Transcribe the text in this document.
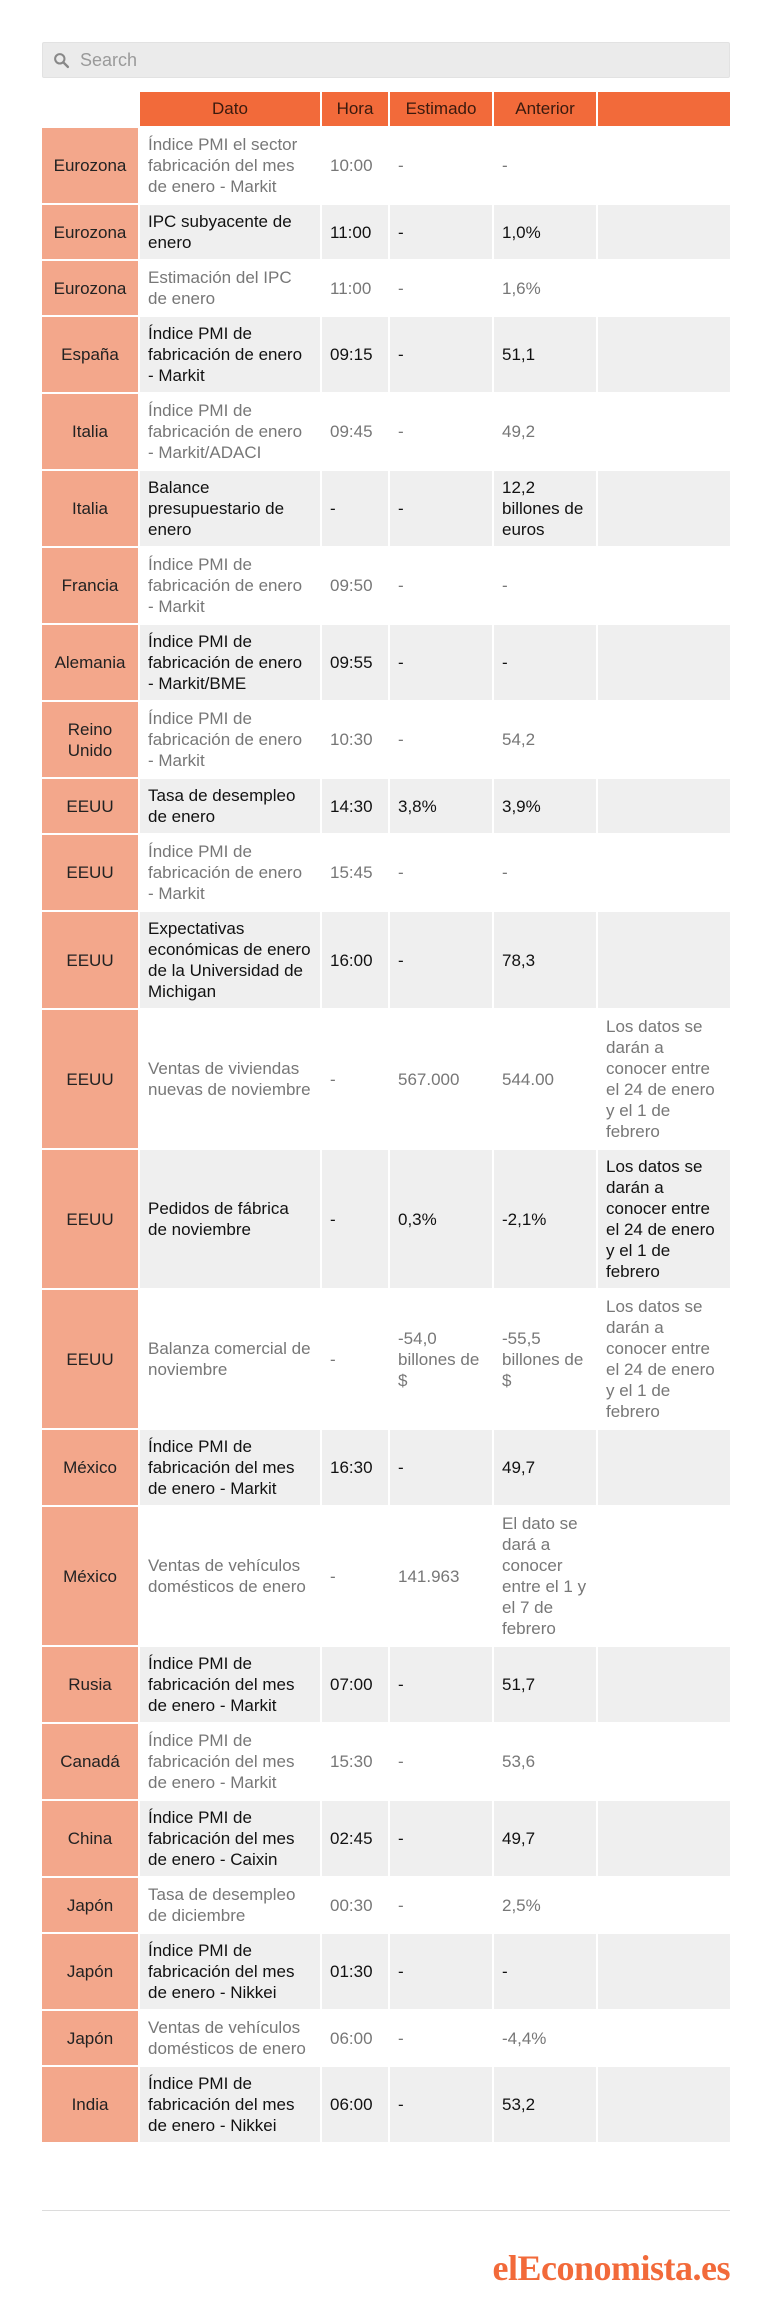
Search
	Dato	Hora	Estimado	Anterior	
Eurozona	Índice PMI el sector fabricación del mes de enero - Markit	10:00	-	-	
Eurozona	IPC subyacente de enero	11:00	-	1,0%	
Eurozona	Estimación del IPC de enero	11:00	-	1,6%	
España	Índice PMI de fabricación de enero - Markit	09:15	-	51,1	
Italia	Índice PMI de fabricación de enero - Markit/ADACI	09:45	-	49,2	
Italia	Balance presupuestario de enero	-	-	12,2 billones de euros	
Francia	Índice PMI de fabricación de enero - Markit	09:50	-	-	
Alemania	Índice PMI de fabricación de enero - Markit/BME	09:55	-	-	
Reino Unido	Índice PMI de fabricación de enero - Markit	10:30	-	54,2	
EEUU	Tasa de desempleo de enero	14:30	3,8%	3,9%	
EEUU	Índice PMI de fabricación de enero - Markit	15:45	-	-	
EEUU	Expectativas económicas de enero de la Universidad de Michigan	16:00	-	78,3	
EEUU	Ventas de viviendas nuevas de noviembre	-	567.000	544.00	Los datos se darán a conocer entre el 24 de enero y el 1 de febrero
EEUU	Pedidos de fábrica de noviembre	-	0,3%	-2,1%	Los datos se darán a conocer entre el 24 de enero y el 1 de febrero
EEUU	Balanza comercial de noviembre	-	-54,0 billones de $	-55,5 billones de $	Los datos se darán a conocer entre el 24 de enero y el 1 de febrero
México	Índice PMI de fabricación del mes de enero - Markit	16:30	-	49,7	
México	Ventas de vehículos domésticos de enero	-	141.963	El dato se dará a conocer entre el 1 y el 7 de febrero	
Rusia	Índice PMI de fabricación del mes de enero - Markit	07:00	-	51,7	
Canadá	Índice PMI de fabricación del mes de enero - Markit	15:30	-	53,6	
China	Índice PMI de fabricación del mes de enero - Caixin	02:45	-	49,7	
Japón	Tasa de desempleo de diciembre	00:30	-	2,5%	
Japón	Índice PMI de fabricación del mes de enero - Nikkei	01:30	-	-	
Japón	Ventas de vehículos domésticos de enero	06:00	-	-4,4%	
India	Índice PMI de fabricación del mes de enero - Nikkei	06:00	-	53,2	
elEconomista.es
